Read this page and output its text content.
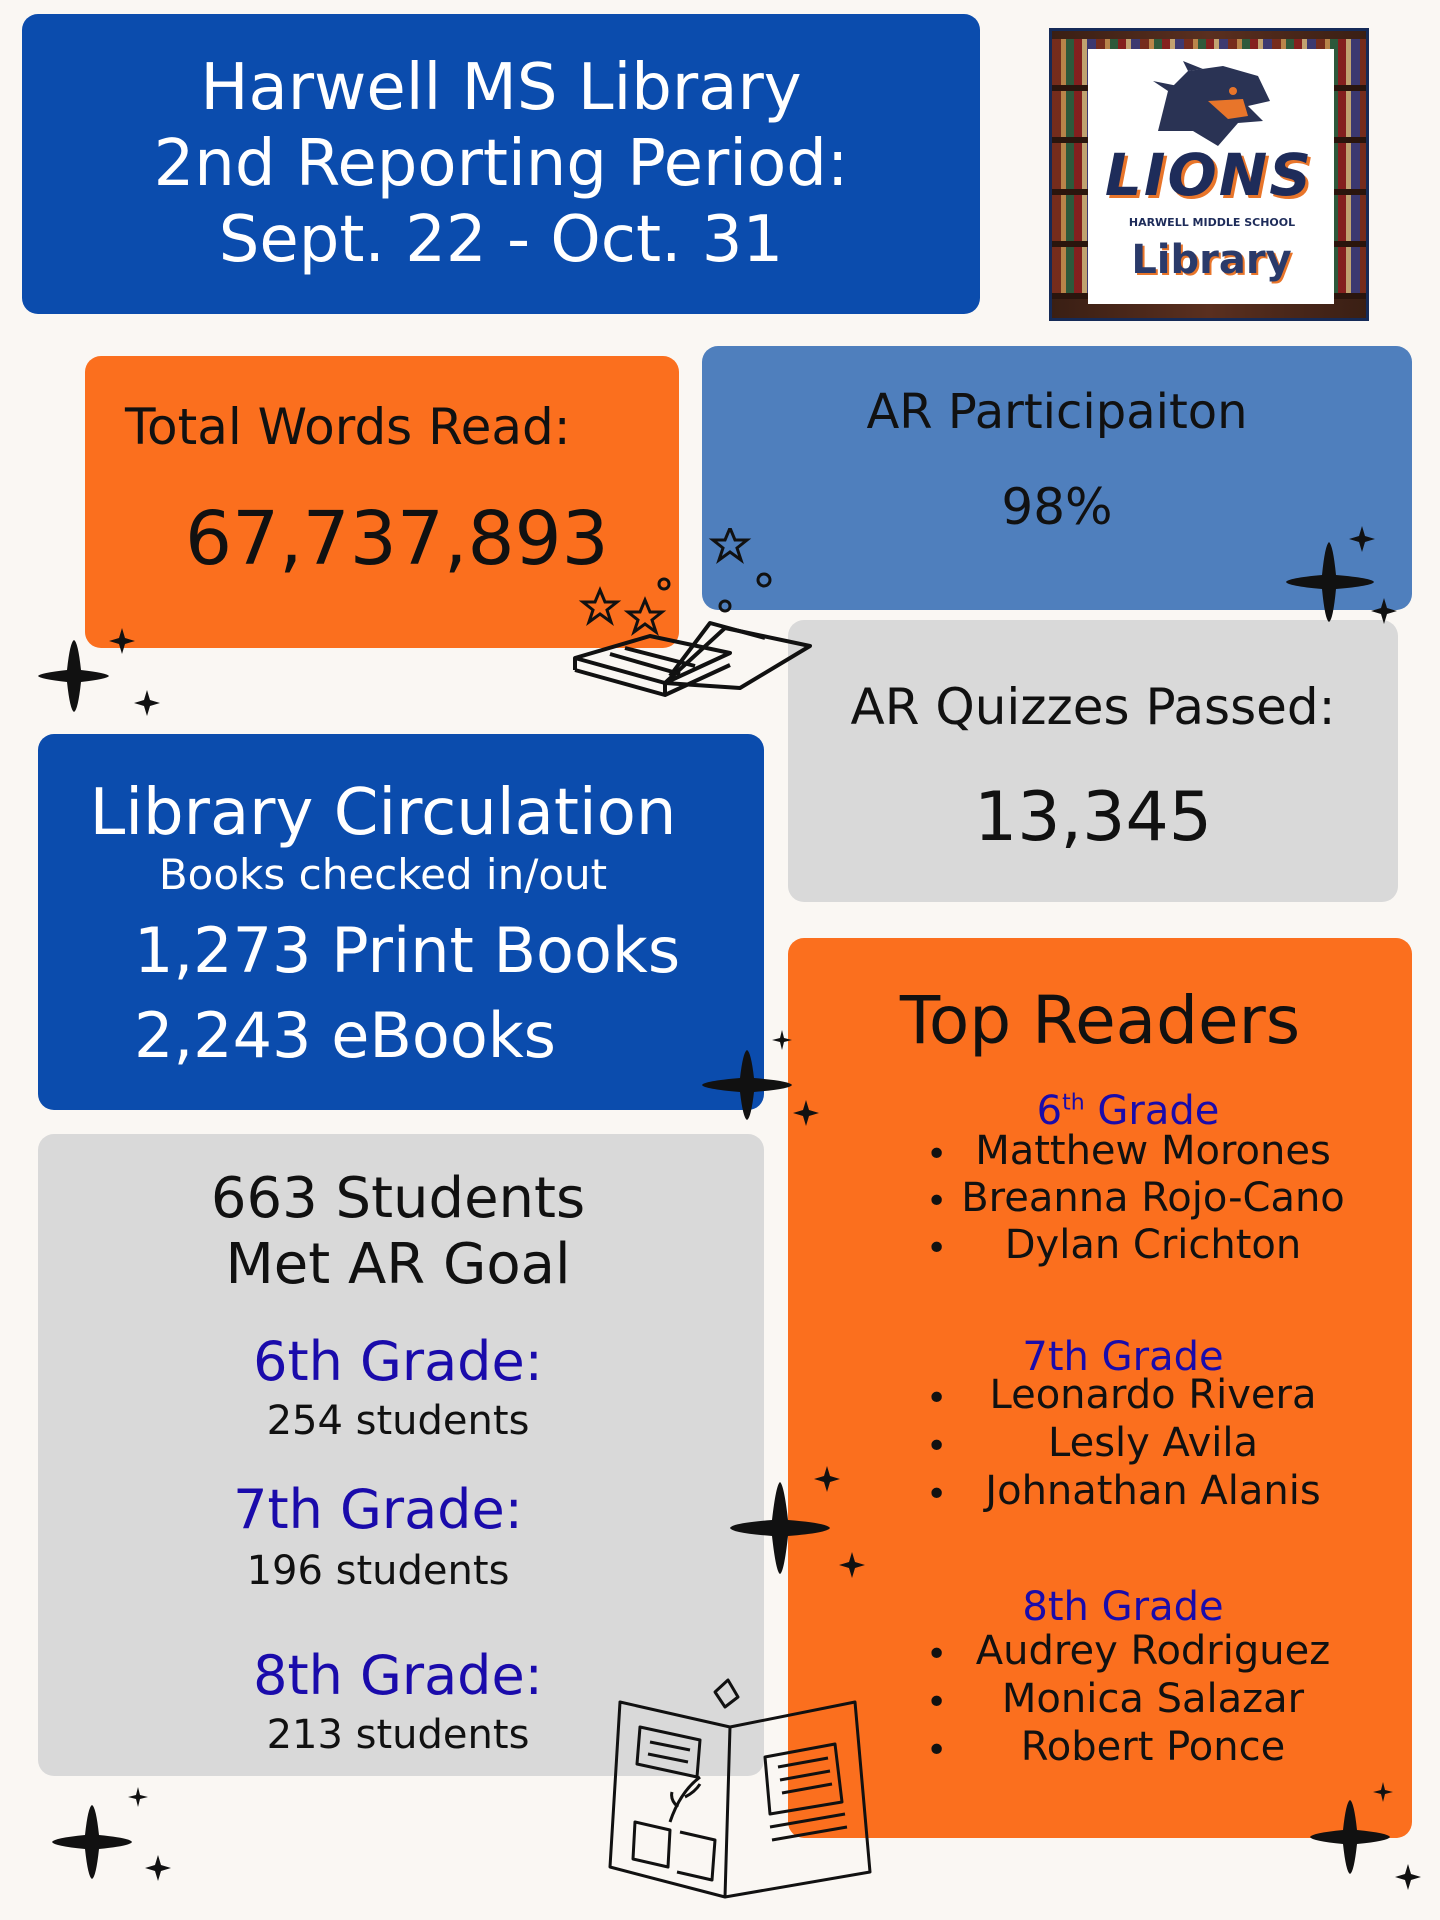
Harwell MS Library
2nd Reporting Period:
Sept. 22 - Oct. 31
LIONS
HARWELL MIDDLE SCHOOL
Library
Total Words Read:
67,737,893
AR Participaiton
98%
AR Quizzes Passed:
13,345
Library Circulation
Books checked in/out
1,273 Print Books
2,243 eBooks
663 Students
Met AR Goal
6th Grade:
254 students
7th Grade:
196 students
8th Grade:
213 students
Top Readers
6th Grade
• Matthew Morones
• Breanna Rojo-Cano
•	Dylan Crichton
7th Grade
•	Leonardo Rivera
•	Lesly Avila
• Johnathan Alanis
8th Grade
• Audrey Rodriguez
•	Monica Salazar
•	Robert Ponce
